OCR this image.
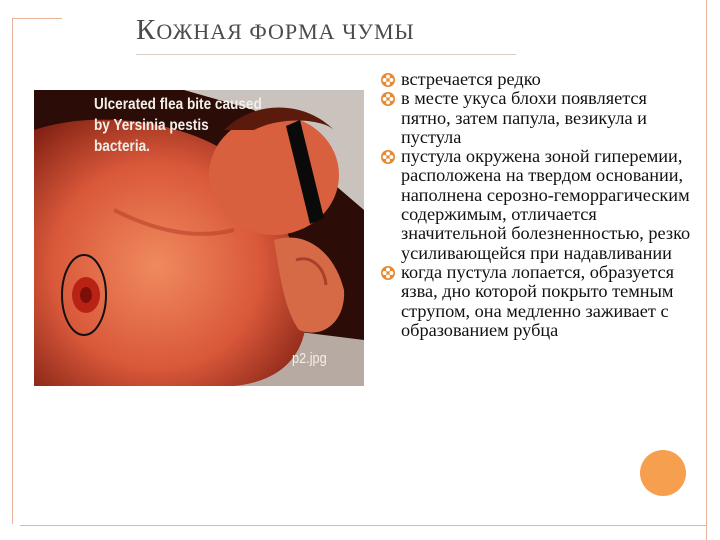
КОЖНАЯ ФОРМА ЧУМЫ
Ulcerated flea bite caused
by Yersinia pestis
bacteria.
p2.jpg
встречается редко
в месте укуса блохи появляется пятно, затем папула, везикула и пустула
пустула окружена зоной гиперемии, расположена на твердом основании, наполнена серозно-геморрагическим содержимым, отличается значительной болезненностью, резко усиливающейся при надавливании
когда пустула лопается, образуется язва, дно которой покрыто темным струпом, она медленно заживает с образованием рубца
